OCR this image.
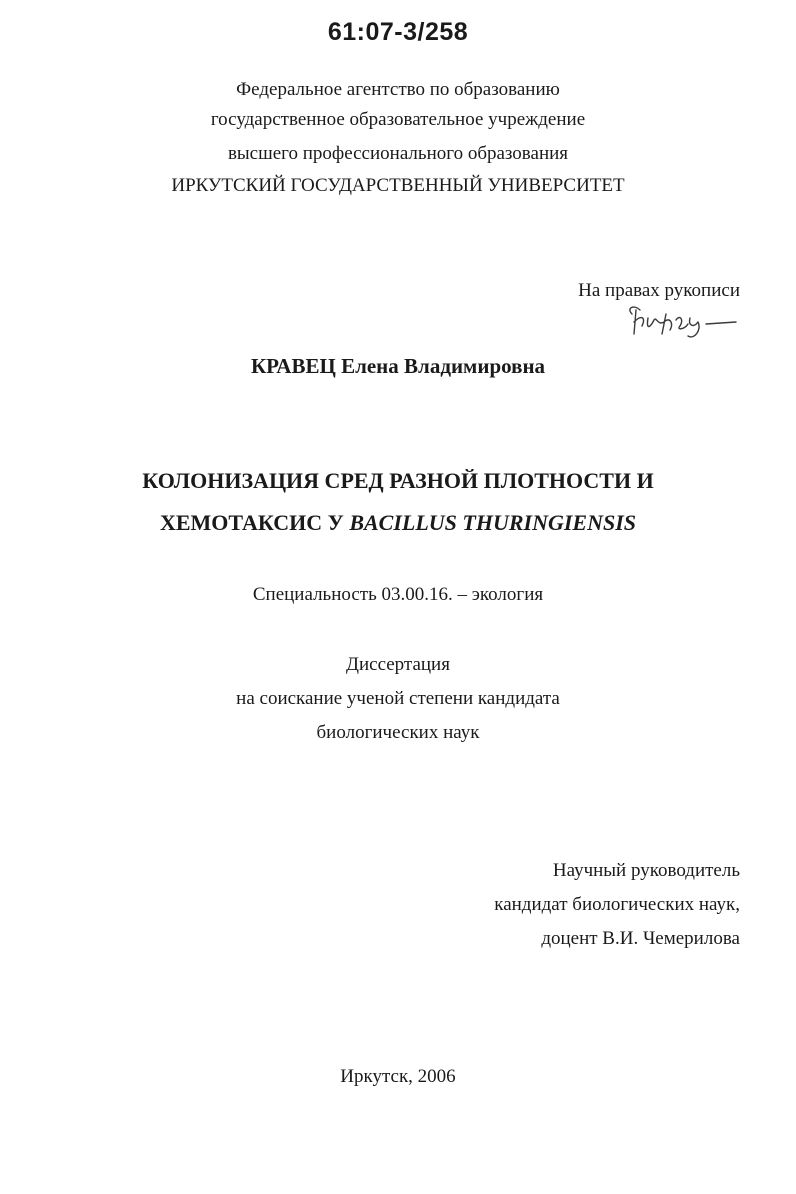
61:07-3/258
Федеральное агентство по образованию
государственное образовательное учреждение
высшего профессионального образования
ИРКУТСКИЙ ГОСУДАРСТВЕННЫЙ УНИВЕРСИТЕТ
На правах рукописи
КРАВЕЦ Елена Владимировна
КОЛОНИЗАЦИЯ СРЕД РАЗНОЙ ПЛОТНОСТИ И
ХЕМОТАКСИС У BACILLUS THURINGIENSIS
Специальность 03.00.16. – экология
Диссертация
на соискание ученой степени кандидата
биологических наук
Научный руководитель
кандидат биологических наук,
доцент В.И. Чемерилова
Иркутск, 2006
